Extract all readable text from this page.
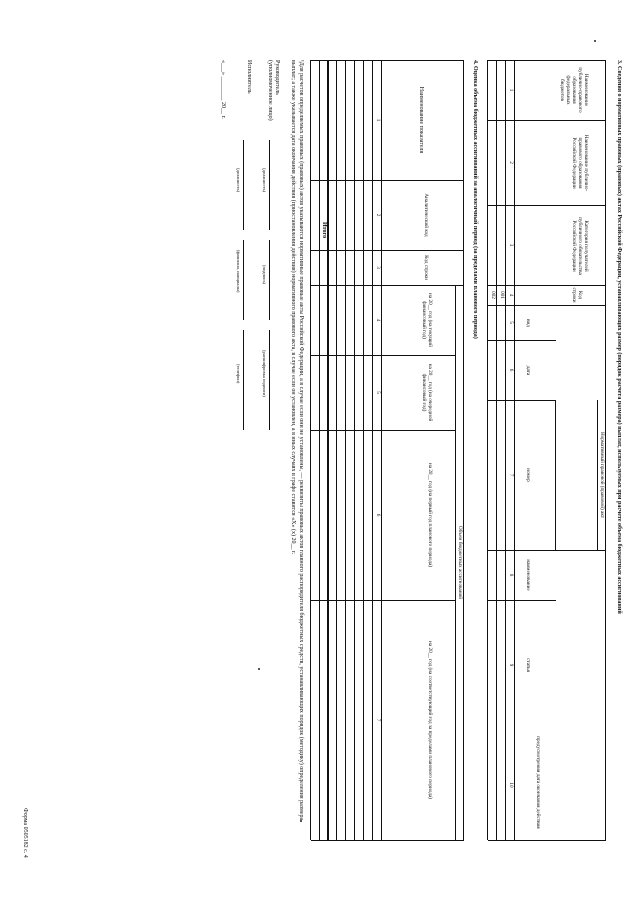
Форма 0505182 с. 4
3. Сведения о нормативных правовых (правовых) актах Российской Федерации, устанавливающих размер (порядок расчета размера) выплат, используемых при расчете объема бюджетных ассигнований
Наименование публично-правового образования федеральных бюджетов
Наименование публично-правового образования Российской Федерации
Категория получателей публичного обязательства Российской Федерации
Код строки
Нормативный правовой (правовой) акт
вид
дата
номер
наименование
статья
предусмотрения дата окончания действия
1
2
3
4
5
6
7
8
9
10
001
002
4. Оценка объема бюджетных ассигнований за аналогичный период (за пределами планового периода)
Наименование показателя
Аналитический код
Код строки
Объем бюджетных ассигнований
на 20__ год (на текущий финансовый год)
на 20__ год (на очередной финансовый год)
на 20__ год (на первый год планового периода)
на 20__ год (на соответствующий год за пределами планового периода)
1
2
3
4
5
6
7
Итого
¹Для расчетов определяемых правовых (правовых) актов указываются нормативные правовые акты Российской Федерации, а в случае если они не установлены, — реквизиты правовых актов главного распорядителя бюджетных средств, устанавливающих порядок (методику) определения размера выплат; а также указывается дата окончания действия (приостановления действия) нормативного правового акта, в случае если он установлен, а в иных случаях в графе ставится «Х» (х) 20__ г.
Руководитель (уполномоченное лицо)
(должность)
(подпись)
(расшифровка подписи)
Исполнитель
(должность)
(фамилия, инициалы)
(телефон)
«___» ________ 20__ г.
